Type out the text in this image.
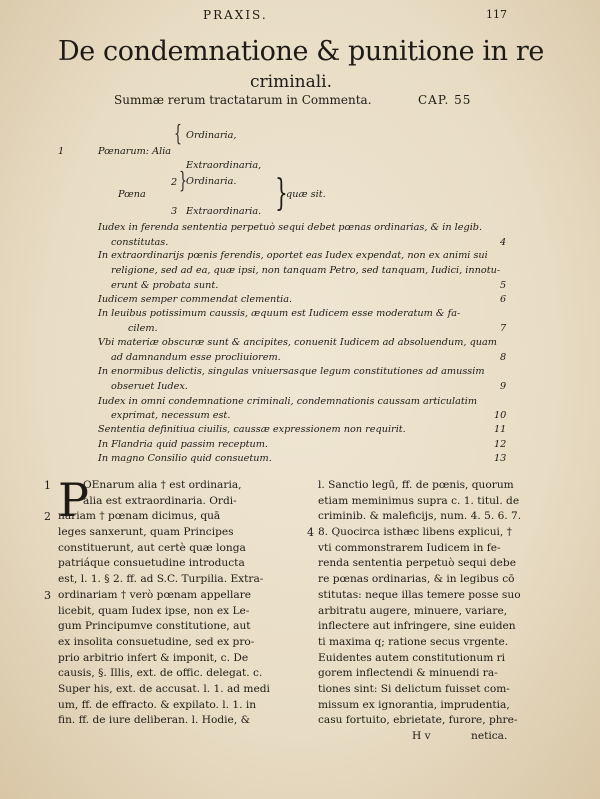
PRAXIS.	117
De condemnatione & punitione in re
criminali.
Summæ rerum tractatarum in Commenta.	CAP. 55
1	Pœnarum: Alia
{ Ordinaria,
Extraordinaria,
Pœna
2 } Ordinaria.
3 Extraordinaria. }
quæ sit.
Iudex in ferenda sententia perpetuò sequi debet pœnas ordinarias, & in legib.
constitutas.	4
In extraordinarijs pœnis ferendis, oportet eas Iudex expendat, non ex animi sui
religione, sed ad ea, quæ ipsi, non tanquam Petro, sed tanquam, Iudici, innotu-
erunt & probata sunt.	5
Iudicem semper commendat clementia.	6
In leuibus potissimum caussis, æquum est Iudicem esse moderatum & fa-
cilem.	7
Vbi materiæ obscuræ sunt & ancipites, conuenit Iudicem ad absoluendum, quam
ad damnandum esse procliuiorem.	8
In enormibus delictis, singulas vniuersasque legum constitutiones ad amussim
obseruet Iudex.	9
Iudex in omni condemnatione criminali, condemnationis caussam articulatim
exprimat, necessum est.	10
Sententia definitiua ciuilis, caussæ expressionem non requirit.	11
In Flandria quid passim receptum.	12
In magno Consilio quid consuetum.	13
P
1
2
3
4
OEnarum alia † est ordinaria,
alia est extraordinaria. Ordi-
nariam † pœnam dicimus, quā
leges sanxerunt, quam Principes
constituerunt, aut certè quæ longa
patriáque consuetudine introducta
est, l. 1. § 2. ff. ad S.C. Turpilia. Extra-
ordinariam † verò pœnam appellare
licebit, quam Iudex ipse, non ex Le-
gum Principumve constitutione, aut
ex insolita consuetudine, sed ex pro-
prio arbitrio infert & imponit, c. De
causis, §. Illis, ext. de offic. delegat. c.
Super his, ext. de accusat. l. 1. ad medi
um, ff. de effracto. & expilato. l. 1. in
fin. ff. de iure deliberan. l. Hodie, &
l. Sanctio legū, ff. de pœnis, quorum
etiam meminimus supra c. 1. titul. de
criminib. & maleficijs, num. 4. 5. 6. 7.
8. Quocirca isthæc libens explicui, †
vti commonstrarem Iudicem in fe-
renda sententia perpetuò sequi debe
re pœnas ordinarias, & in legibus cō
stitutas: neque illas temere posse suo
arbitratu augere, minuere, variare,
inflectere aut infringere, sine euiden
ti maxima q; ratione secus vrgente.
Euidentes autem constitutionum ri
gorem inflectendi & minuendi ra-
tiones sint: Si delictum fuisset com-
missum ex ignorantia, imprudentia,
casu fortuito, ebrietate, furore, phre-
H v	netica.
